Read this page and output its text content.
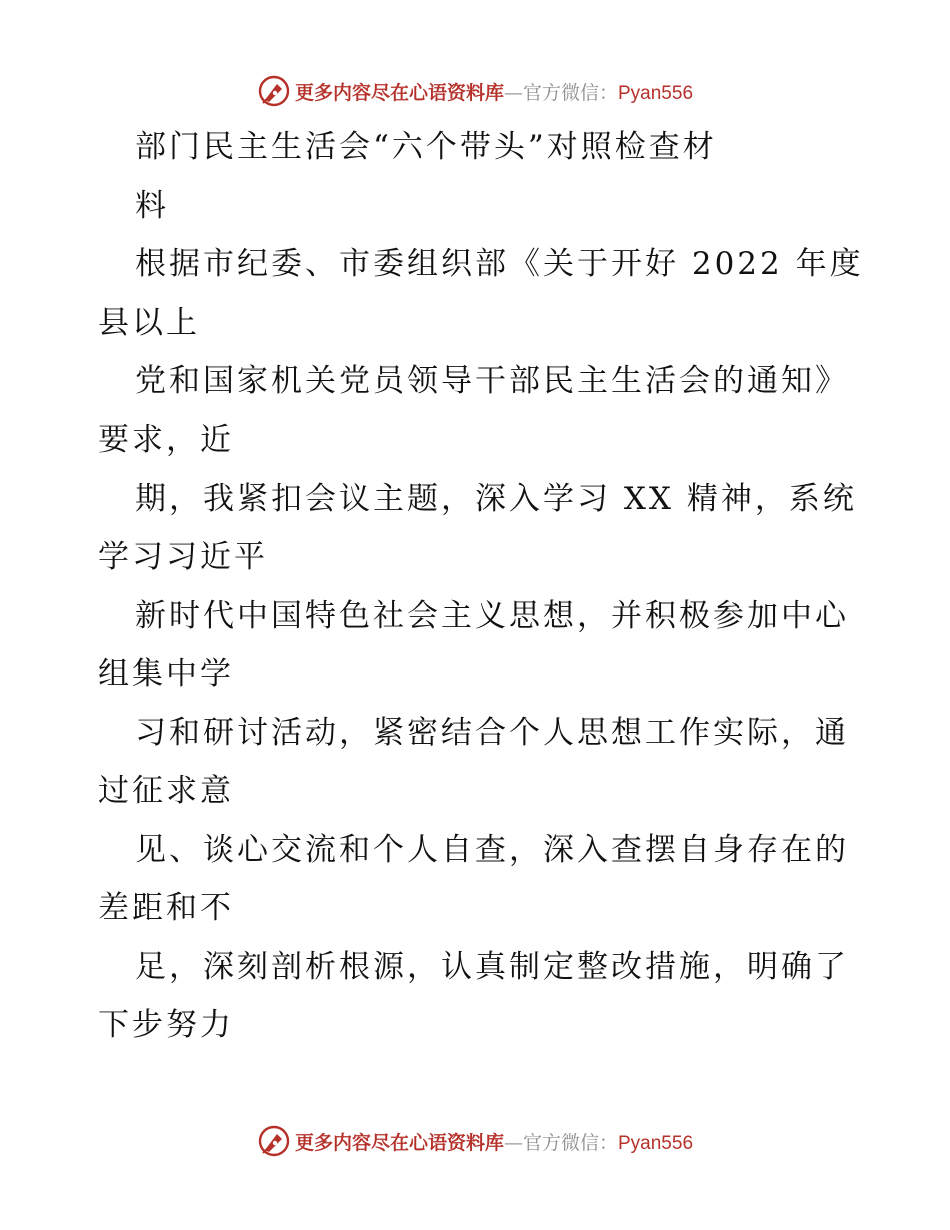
更多内容尽在心语资料库—官方微信：Pyan556
部门民主生活会“六个带头”对照检查材
料
根据市纪委、市委组织部《关于开好 2022 年度
县以上
党和国家机关党员领导干部民主生活会的通知》
要求，近
期，我紧扣会议主题，深入学习 XX 精神，系统
学习习近平
新时代中国特色社会主义思想，并积极参加中心
组集中学
习和研讨活动，紧密结合个人思想工作实际，通
过征求意
见、谈心交流和个人自查，深入查摆自身存在的
差距和不
足，深刻剖析根源，认真制定整改措施，明确了
下步努力
更多内容尽在心语资料库—官方微信：Pyan556
